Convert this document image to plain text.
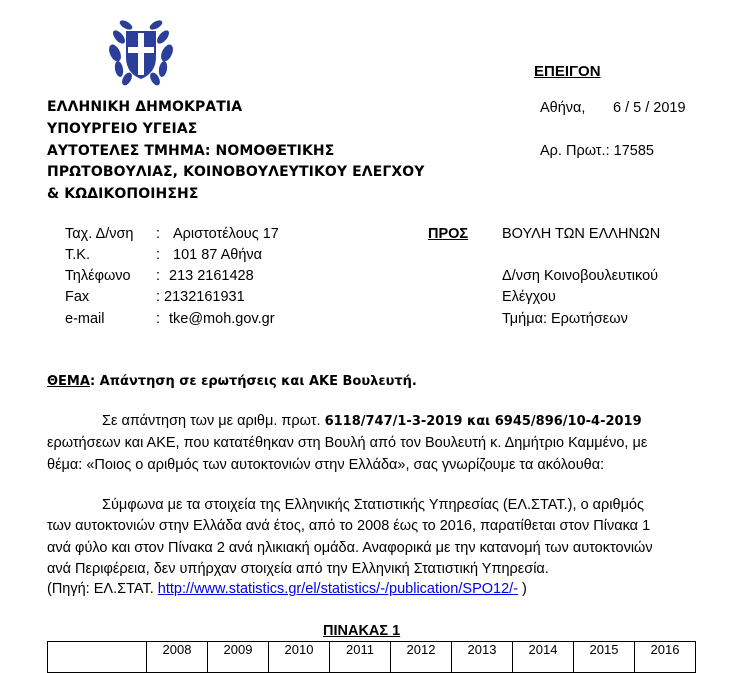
ΕΠΕΙΓΟΝ
ΕΛΛΗΝΙΚΗ ΔΗΜΟΚΡΑΤΙΑ
ΥΠΟΥΡΓΕΙΟ ΥΓΕΙΑΣ
ΑΥΤΟΤΕΛΕΣ ΤΜΗΜΑ: ΝΟΜΟΘΕΤΙΚΗΣ
ΠΡΩΤΟΒΟΥΛΙΑΣ, ΚΟΙΝΟΒΟΥΛΕΥΤΙΚΟΥ ΕΛΕΓΧΟΥ
& ΚΩΔΙΚΟΠΟΙΗΣΗΣ
Αθήνα, 6 / 5 / 2019
Αρ. Πρωτ.: 17585
Ταχ. Δ/νση : Αριστοτέλους 17
Τ.Κ.	: 101 87 Αθήνα
Τηλέφωνο : 213 2161428
Fax	: 2132161931
e-mail	: tke@moh.gov.gr
ΠΡΟΣ ΒΟΥΛΗ ΤΩΝ ΕΛΛΗΝΩΝ
Δ/νση Κοινοβουλευτικού
Ελέγχου
Τμήμα: Ερωτήσεων
ΘΕΜΑ: Απάντηση σε ερωτήσεις και ΑΚΕ Βουλευτή.
Σε απάντηση των με αριθμ. πρωτ. 6118/747/1-3-2019 και 6945/896/10-4-2019
ερωτήσεων και ΑΚΕ, που κατατέθηκαν στη Βουλή από τον Βουλευτή κ. Δημήτριο Καμμένο, με
θέμα: «Ποιος ο αριθμός των αυτοκτονιών στην Ελλάδα», σας γνωρίζουμε τα ακόλουθα:
Σύμφωνα με τα στοιχεία της Ελληνικής Στατιστικής Υπηρεσίας (ΕΛ.ΣΤΑΤ.), ο αριθμός
των αυτοκτονιών στην Ελλάδα ανά έτος, από το 2008 έως το 2016, παρατίθεται στον Πίνακα 1
ανά φύλο και στον Πίνακα 2 ανά ηλικιακή ομάδα. Αναφορικά με την κατανομή των αυτοκτονιών
ανά Περιφέρεια, δεν υπήρχαν στοιχεία από την Ελληνική Στατιστική Υπηρεσία.
(Πηγή: ΕΛ.ΣΤΑΤ. http://www.statistics.gr/el/statistics/-/publication/SPO12/- )
ΠΙΝΑΚΑΣ 1
	2008	2009	2010	2011	2012	2013	2014	2015	2016
